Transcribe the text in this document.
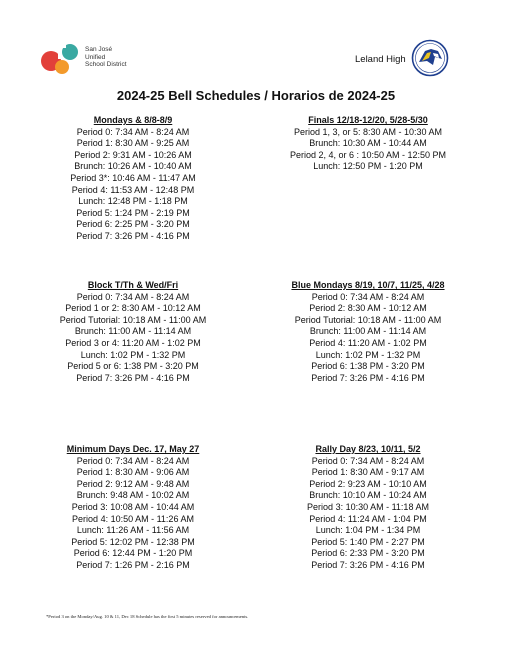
San José
Unified
School District	Leland High
2024-25 Bell Schedules / Horarios de 2024-25
Mondays & 8/8-8/9
Period 0: 7:34 AM - 8:24 AM
Period 1: 8:30 AM - 9:25 AM
Period 2: 9:31 AM - 10:26 AM
Brunch: 10:26 AM - 10:40 AM
Period 3*: 10:46 AM - 11:47 AM
Period 4: 11:53 AM - 12:48 PM
Lunch: 12:48 PM - 1:18 PM
Period 5: 1:24 PM - 2:19 PM
Period 6: 2:25 PM - 3:20 PM
Period 7: 3:26 PM - 4:16 PM
Finals 12/18-12/20, 5/28-5/30
Period 1, 3, or 5: 8:30 AM - 10:30 AM
Brunch: 10:30 AM - 10:44 AM
Period 2, 4, or 6 : 10:50 AM - 12:50 PM
Lunch: 12:50 PM - 1:20 PM
Block T/Th & Wed/Fri
Period 0: 7:34 AM - 8:24 AM
Period 1 or 2: 8:30 AM - 10:12 AM
Period Tutorial: 10:18 AM - 11:00 AM
Brunch: 11:00 AM - 11:14 AM
Period 3 or 4: 11:20 AM - 1:02 PM
Lunch: 1:02 PM - 1:32 PM
Period 5 or 6: 1:38 PM - 3:20 PM
Period 7: 3:26 PM - 4:16 PM
Blue Mondays 8/19, 10/7, 11/25, 4/28
Period 0: 7:34 AM - 8:24 AM
Period 2: 8:30 AM - 10:12 AM
Period Tutorial: 10:18 AM - 11:00 AM
Brunch: 11:00 AM - 11:14 AM
Period 4: 11:20 AM - 1:02 PM
Lunch: 1:02 PM - 1:32 PM
Period 6: 1:38 PM - 3:20 PM
Period 7: 3:26 PM - 4:16 PM
Minimum Days Dec. 17, May 27
Period 0: 7:34 AM - 8:24 AM
Period 1: 8:30 AM - 9:06 AM
Period 2: 9:12 AM - 9:48 AM
Brunch: 9:48 AM - 10:02 AM
Period 3: 10:08 AM - 10:44 AM
Period 4: 10:50 AM - 11:26 AM
Lunch: 11:26 AM - 11:56 AM
Period 5: 12:02 PM - 12:38 PM
Period 6: 12:44 PM - 1:20 PM
Period 7: 1:26 PM - 2:16 PM
Rally Day 8/23, 10/11, 5/2
Period 0: 7:34 AM - 8:24 AM
Period 1: 8:30 AM - 9:17 AM
Period 2: 9:23 AM - 10:10 AM
Brunch: 10:10 AM - 10:24 AM
Period 3: 10:30 AM - 11:18 AM
Period 4: 11:24 AM - 1:04 PM
Lunch: 1:04 PM - 1:34 PM
Period 5: 1:40 PM - 2:27 PM
Period 6: 2:33 PM - 3:20 PM
Period 7: 3:26 PM - 4:16 PM
*Period 3 on the Monday/Aug. 10 & 11, Dec 18 Schedule has the first 5 minutes reserved for announcements.
